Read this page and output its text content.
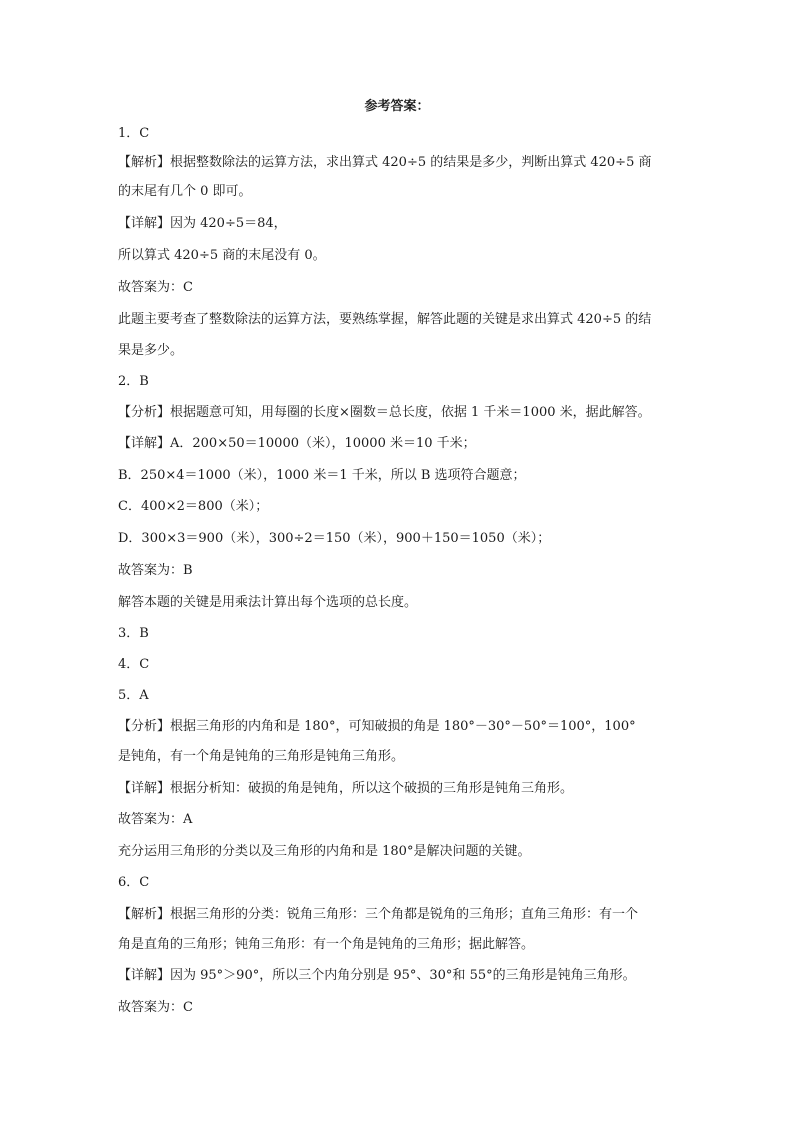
参考答案：
1．C
【解析】根据整数除法的运算方法，求出算式 420÷5 的结果是多少，判断出算式 420÷5 商
的末尾有几个 0 即可。
【详解】因为 420÷5＝84，
所以算式 420÷5 商的末尾没有 0。
故答案为：C
此题主要考查了整数除法的运算方法，要熟练掌握，解答此题的关键是求出算式 420÷5 的结
果是多少。
2．B
【分析】根据题意可知，用每圈的长度×圈数＝总长度，依据 1 千米＝1000 米，据此解答。
【详解】A．200×50＝10000（米），10000 米＝10 千米；
B．250×4＝1000（米），1000 米＝1 千米，所以 B 选项符合题意；
C．400×2＝800（米）；
D．300×3＝900（米），300÷2＝150（米），900＋150＝1050（米）；
故答案为：B
解答本题的关键是用乘法计算出每个选项的总长度。
3．B
4．C
5．A
【分析】根据三角形的内角和是 180°，可知破损的角是 180°－30°－50°＝100°，100°
是钝角，有一个角是钝角的三角形是钝角三角形。
【详解】根据分析知：破损的角是钝角，所以这个破损的三角形是钝角三角形。
故答案为：A
充分运用三角形的分类以及三角形的内角和是 180°是解决问题的关键。
6．C
【解析】根据三角形的分类：锐角三角形：三个角都是锐角的三角形；直角三角形：有一个
角是直角的三角形；钝角三角形：有一个角是钝角的三角形；据此解答。
【详解】因为 95°＞90°，所以三个内角分别是 95°、30°和 55°的三角形是钝角三角形。
故答案为：C
